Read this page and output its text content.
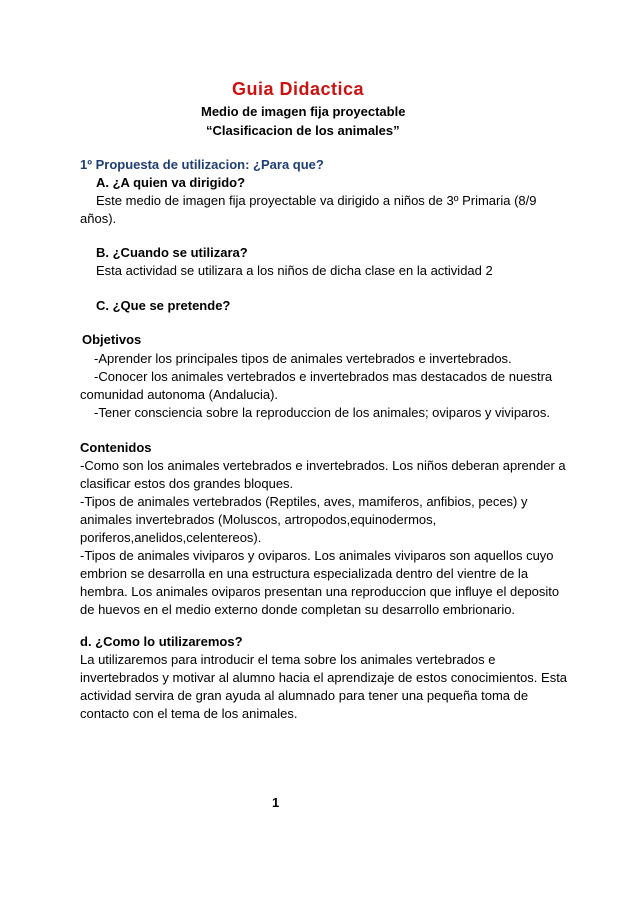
Guia Didactica
Medio de imagen fija proyectable
“Clasificacion de los animales”
1º Propuesta de utilizacion: ¿Para que?
A. ¿A quien va dirigido?
Este medio de imagen fija proyectable va dirigido a niños de 3º Primaria (8/9
años).
B. ¿Cuando se utilizara?
Esta actividad se utilizara a los niños de dicha clase en la actividad 2
C. ¿Que se pretende?
Objetivos
-Aprender los principales tipos de animales vertebrados e invertebrados.
-Conocer los animales vertebrados e invertebrados mas destacados de nuestra
comunidad autonoma (Andalucia).
-Tener consciencia sobre la reproduccion de los animales; oviparos y viviparos.
Contenidos
-Como son los animales vertebrados e invertebrados. Los niños deberan aprender a
clasificar estos dos grandes bloques.
-Tipos de animales vertebrados (Reptiles, aves, mamiferos, anfibios, peces) y
animales invertebrados (Moluscos, artropodos,equinodermos,
poriferos,anelidos,celentereos).
-Tipos de animales viviparos y oviparos. Los animales viviparos son aquellos cuyo
embrion se desarrolla en una estructura especializada dentro del vientre de la
hembra. Los animales oviparos presentan una reproduccion que influye el deposito
de huevos en el medio externo donde completan su desarrollo embrionario.
d. ¿Como lo utilizaremos?
La utilizaremos para introducir el tema sobre los animales vertebrados e
invertebrados y motivar al alumno hacia el aprendizaje de estos conocimientos. Esta
actividad servira de gran ayuda al alumnado para tener una pequeña toma de
contacto con el tema de los animales.
1
